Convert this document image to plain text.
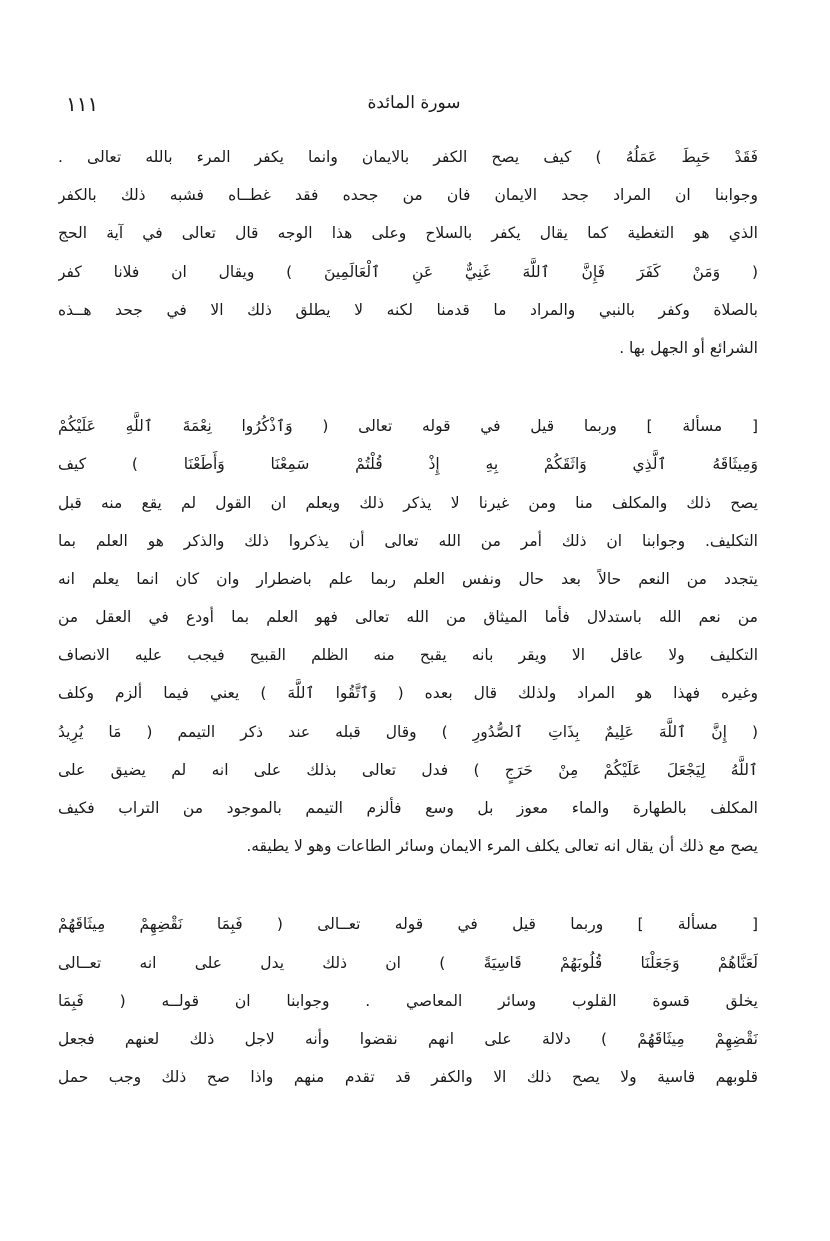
١١١	سورة المائدة
فَقَدْ حَبِطَ عَمَلُهُ ) كيف يصح الكفر بالايمان وانما يكفر المرء بالله تعالى .
وجوابنا ان المراد جحد الايمان فان من جحده فقد غطــاه فشبه ذلك بالكفر
الذي هو التغطية كما يقال يكفر بالسلاح وعلى هذا الوجه قال تعالى في آية الحج
( وَمَنْ كَفَرَ فَإِنَّ ٱللَّهَ غَنِيٌّ عَنِ ٱلْعَالَمِينَ ) ويقال ان فلانا كفر
بالصلاة وكفر بالنبي والمراد ما قدمنا لكنه لا يطلق ذلك الا في جحد هــذه
الشرائع أو الجهل بها .
[ مسألة ] وربما قيل في قوله تعالى ( وَٱذْكُرُوا نِعْمَةَ ٱللَّهِ عَلَيْكُمْ
وَمِيثَاقَهُ ٱلَّذِي وَاثَقَكُمْ بِهِ إِذْ قُلْتُمْ سَمِعْنَا وَأَطَعْنَا ) كيف
يصح ذلك والمكلف منا ومن غيرنا لا يذكر ذلك ويعلم ان القول لم يقع منه قبل
التكليف. وجوابنا ان ذلك أمر من الله تعالى أن يذكروا ذلك والذكر هو العلم بما
يتجدد من النعم حالاً بعد حال ونفس العلم ربما علم باضطرار وان كان انما يعلم انه
من نعم الله باستدلال فأما الميثاق من الله تعالى فهو العلم بما أودع في العقل من
التكليف ولا عاقل الا ويقر بانه يقبح منه الظلم القبيح فيجب عليه الانصاف
وغيره فهذا هو المراد ولذلك قال بعده ( وَٱتَّقُوا ٱللَّهَ ) يعني فيما ألزم وكلف
( إِنَّ ٱللَّهَ عَلِيمٌ بِذَاتِ ٱلصُّدُورِ ) وقال قبله عند ذكر التيمم ( مَا يُرِيدُ
ٱللَّهُ لِيَجْعَلَ عَلَيْكُمْ مِنْ حَرَجٍ ) فدل تعالى بذلك على انه لم يضيق على
المكلف بالطهارة والماء معوز بل وسع فألزم التيمم بالموجود من التراب فكيف
يصح مع ذلك أن يقال انه تعالى يكلف المرء الايمان وسائر الطاعات وهو لا يطيقه.
[ مسألة ] وربما قيل في قوله تعــالى ( فَبِمَا نَقْضِهِمْ مِيثَاقَهُمْ
لَعَنَّاهُمْ وَجَعَلْنَا قُلُوبَهُمْ قَاسِيَةً ) ان ذلك يدل على انه تعــالى
يخلق قسوة القلوب وسائر المعاصي . وجوابنا ان قولــه ( فَبِمَا
نَقْضِهِمْ مِيثَاقَهُمْ ) دلالة على انهم نقضوا وأنه لاجل ذلك لعنهم فجعل
قلوبهم قاسية ولا يصح ذلك الا والكفر قد تقدم منهم واذا صح ذلك وجب حمل
